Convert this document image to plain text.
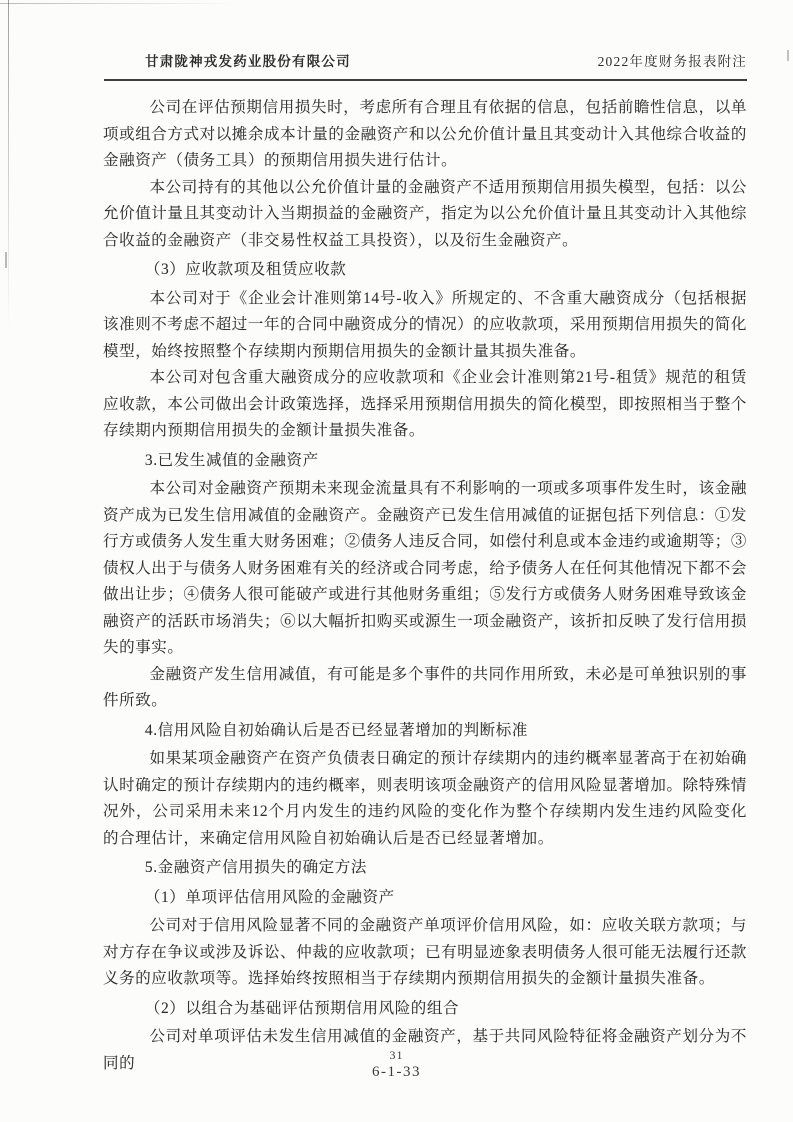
甘肃陇神戎发药业股份有限公司	2022年度财务报表附注

公司在评估预期信用损失时，考虑所有合理且有依据的信息，包括前瞻性信息，以单项或组合方式对以摊余成本计量的金融资产和以公允价值计量且其变动计入其他综合收益的金融资产（债务工具）的预期信用损失进行估计。

本公司持有的其他以公允价值计量的金融资产不适用预期信用损失模型，包括：以公允价值计量且其变动计入当期损益的金融资产，指定为以公允价值计量且其变动计入其他综合收益的金融资产（非交易性权益工具投资），以及衍生金融资产。

（3）应收款项及租赁应收款

本公司对于《企业会计准则第14号-收入》所规定的、不含重大融资成分（包括根据该准则不考虑不超过一年的合同中融资成分的情况）的应收款项，采用预期信用损失的简化模型，始终按照整个存续期内预期信用损失的金额计量其损失准备。

本公司对包含重大融资成分的应收款项和《企业会计准则第21号-租赁》规范的租赁应收款，本公司做出会计政策选择，选择采用预期信用损失的简化模型，即按照相当于整个存续期内预期信用损失的金额计量损失准备。

3.已发生减值的金融资产

本公司对金融资产预期未来现金流量具有不利影响的一项或多项事件发生时，该金融资产成为已发生信用减值的金融资产。金融资产已发生信用减值的证据包括下列信息：①发行方或债务人发生重大财务困难；②债务人违反合同，如偿付利息或本金违约或逾期等；③债权人出于与债务人财务困难有关的经济或合同考虑，给予债务人在任何其他情况下都不会做出让步；④债务人很可能破产或进行其他财务重组；⑤发行方或债务人财务困难导致该金融资产的活跃市场消失；⑥以大幅折扣购买或源生一项金融资产，该折扣反映了发行信用损失的事实。

金融资产发生信用减值，有可能是多个事件的共同作用所致，未必是可单独识别的事件所致。

4.信用风险自初始确认后是否已经显著增加的判断标准

如果某项金融资产在资产负债表日确定的预计存续期内的违约概率显著高于在初始确认时确定的预计存续期内的违约概率，则表明该项金融资产的信用风险显著增加。除特殊情况外，公司采用未来12个月内发生的违约风险的变化作为整个存续期内发生违约风险变化的合理估计，来确定信用风险自初始确认后是否已经显著增加。

5.金融资产信用损失的确定方法

（1）单项评估信用风险的金融资产

公司对于信用风险显著不同的金融资产单项评价信用风险，如：应收关联方款项；与对方存在争议或涉及诉讼、仲裁的应收款项；已有明显迹象表明债务人很可能无法履行还款义务的应收款项等。选择始终按照相当于存续期内预期信用损失的金额计量损失准备。

（2）以组合为基础评估预期信用风险的组合

公司对单项评估未发生信用减值的金融资产，基于共同风险特征将金融资产划分为不同的	31
6-1-33
